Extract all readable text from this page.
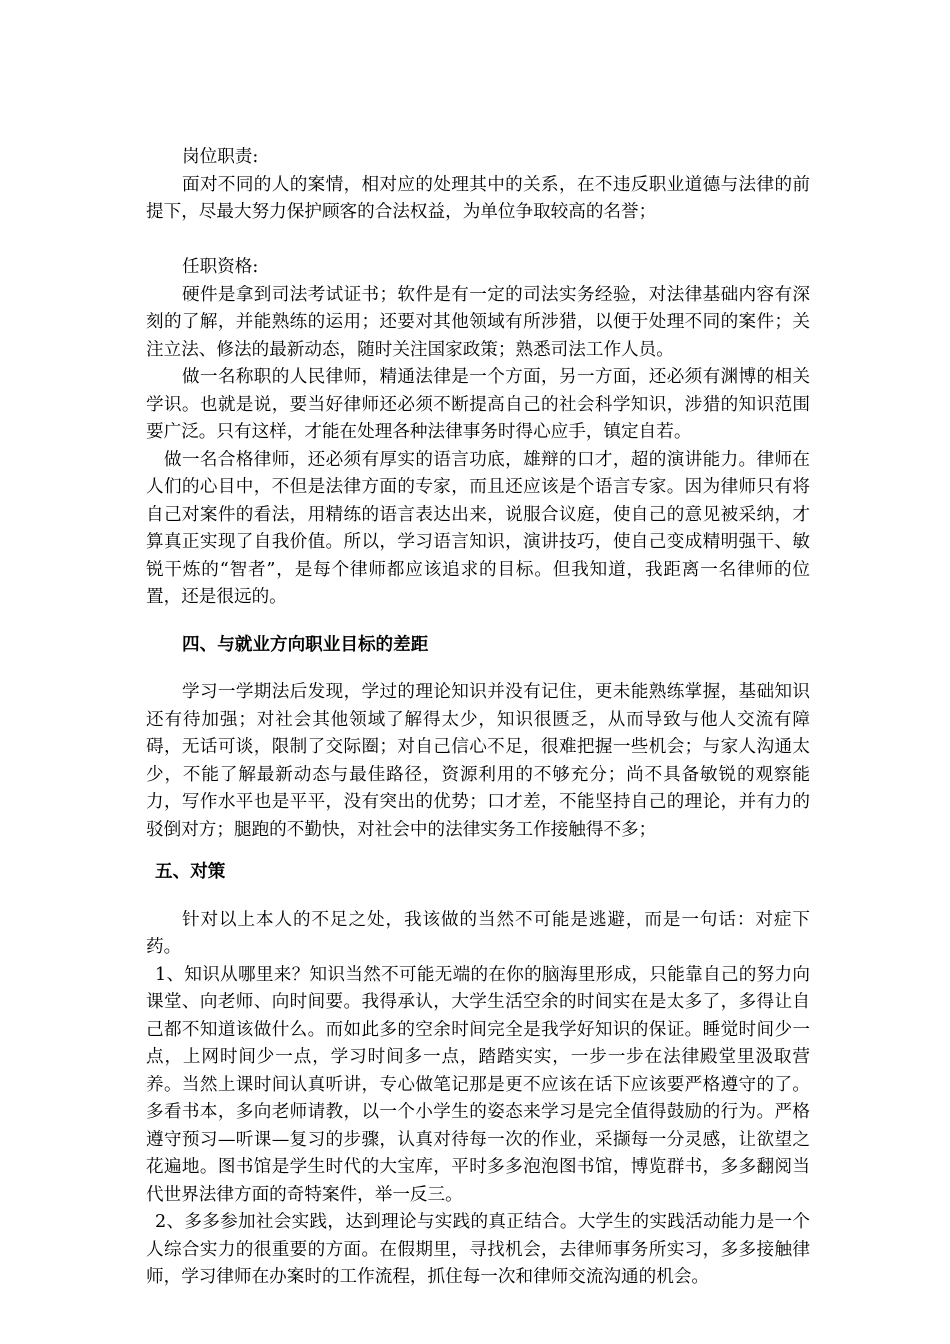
岗位职责:

面对不同的人的案情，相对应的处理其中的关系，在不违反职业道德与法律的前提下，尽最大努力保护顾客的合法权益，为单位争取较高的名誉；

任职资格:

硬件是拿到司法考试证书；软件是有一定的司法实务经验，对法律基础内容有深刻的了解，并能熟练的运用；还要对其他领域有所涉猎，以便于处理不同的案件；关注立法、修法的最新动态，随时关注国家政策；熟悉司法工作人员。

做一名称职的人民律师，精通法律是一个方面，另一方面，还必须有渊博的相关学识。也就是说，要当好律师还必须不断提高自己的社会科学知识，涉猎的知识范围要广泛。只有这样，才能在处理各种法律事务时得心应手，镇定自若。

做一名合格律师，还必须有厚实的语言功底，雄辩的口才，超的演讲能力。律师在人们的心目中，不但是法律方面的专家，而且还应该是个语言专家。因为律师只有将自己对案件的看法，用精练的语言表达出来，说服合议庭，使自己的意见被采纳，才算真正实现了自我价值。所以，学习语言知识，演讲技巧，使自己变成精明强干、敏锐干炼的“智者”，是每个律师都应该追求的目标。但我知道，我距离一名律师的位置，还是很远的。

四、与就业方向职业目标的差距

学习一学期法后发现，学过的理论知识并没有记住，更未能熟练掌握，基础知识还有待加强；对社会其他领域了解得太少，知识很匮乏，从而导致与他人交流有障碍，无话可谈，限制了交际圈；对自己信心不足，很难把握一些机会；与家人沟通太少，不能了解最新动态与最佳路径，资源利用的不够充分；尚不具备敏锐的观察能力，写作水平也是平平，没有突出的优势；口才差，不能坚持自己的理论，并有力的驳倒对方；腿跑的不勤快，对社会中的法律实务工作接触得不多；

五、对策

针对以上本人的不足之处，我该做的当然不可能是逃避，而是一句话：对症下药。

1、知识从哪里来？知识当然不可能无端的在你的脑海里形成，只能靠自己的努力向课堂、向老师、向时间要。我得承认，大学生活空余的时间实在是太多了，多得让自己都不知道该做什么。而如此多的空余时间完全是我学好知识的保证。睡觉时间少一点，上网时间少一点，学习时间多一点，踏踏实实，一步一步在法律殿堂里汲取营养。当然上课时间认真听讲，专心做笔记那是更不应该在话下应该要严格遵守的了。多看书本，多向老师请教，以一个小学生的姿态来学习是完全值得鼓励的行为。严格遵守预习—听课—复习的步骤，认真对待每一次的作业，采撷每一分灵感，让欲望之花遍地。图书馆是学生时代的大宝库，平时多多泡泡图书馆，博览群书，多多翻阅当代世界法律方面的奇特案件，举一反三。

2、多多参加社会实践，达到理论与实践的真正结合。大学生的实践活动能力是一个人综合实力的很重要的方面。在假期里，寻找机会，去律师事务所实习，多多接触律师，学习律师在办案时的工作流程，抓住每一次和律师交流沟通的机会。
